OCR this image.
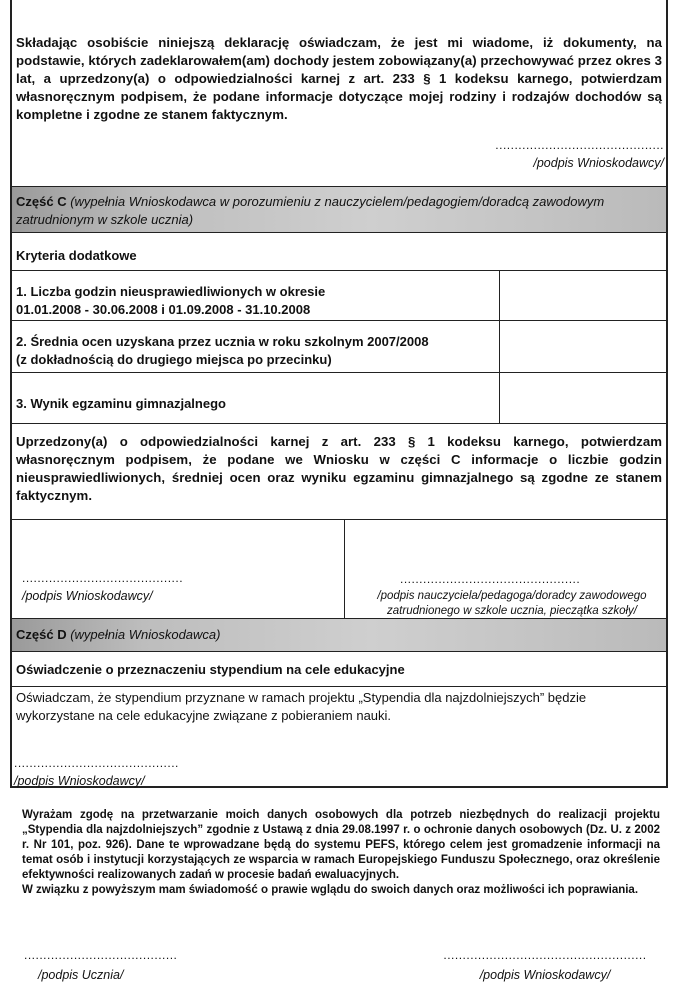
Składając osobiście niniejszą deklarację oświadczam, że jest mi wiadome, iż dokumenty, na podstawie, których zadeklarowałem(am) dochody jestem zobowiązany(a) przechowywać przez okres 3 lat, a uprzedzony(a) o odpowiedzialności karnej z art. 233 § 1 kodeksu karnego, potwierdzam własnoręcznym podpisem, że podane informacje dotyczące mojej rodziny i rodzajów dochodów są kompletne i zgodne ze stanem faktycznym.

............................................
/podpis Wnioskodawcy/
Część C (wypełnia Wnioskodawca w porozumieniu z nauczycielem/pedagogiem/doradcą zawodowym zatrudnionym w szkole ucznia)
Kryteria dodatkowe
1. Liczba godzin nieusprawiedliwionych w okresie
01.01.2008 - 30.06.2008 i 01.09.2008 - 31.10.2008
2. Średnia ocen uzyskana przez ucznia w roku szkolnym 2007/2008
(z dokładnością do drugiego miejsca po przecinku)
3. Wynik egzaminu gimnazjalnego

Uprzedzony(a) o odpowiedzialności karnej z art. 233 § 1 kodeksu karnego, potwierdzam własnoręcznym podpisem, że podane we Wniosku w części C informacje o liczbie godzin nieusprawiedliwionych, średniej ocen oraz wyniku egzaminu gimnazjalnego są zgodne ze stanem faktycznym.

..........................................
/podpis Wnioskodawcy/
...............................................
/podpis nauczyciela/pedagoga/doradcy zawodowego
zatrudnionego w szkole ucznia, pieczątka szkoły/
Część D (wypełnia Wnioskodawca)
Oświadczenie o przeznaczeniu stypendium na cele edukacyjne

Oświadczam, że stypendium przyznane w ramach projektu „Stypendia dla najzdolniejszych” będzie wykorzystane na cele edukacyjne związane z pobieraniem nauki.

...........................................
/podpis Wnioskodawcy/

Wyrażam zgodę na przetwarzanie moich danych osobowych dla potrzeb niezbędnych do realizacji projektu „Stypendia dla najzdolniejszych” zgodnie z Ustawą z dnia 29.08.1997 r. o ochronie danych osobowych (Dz. U. z 2002 r. Nr 101, poz. 926). Dane te wprowadzane będą do systemu PEFS, którego celem jest gromadzenie informacji na temat osób i instytucji korzystających ze wsparcia w ramach Europejskiego Funduszu Społecznego, oraz określenie efektywności realizowanych zadań w procesie badań ewaluacyjnych.

W związku z powyższym mam świadomość o prawie wglądu do swoich danych oraz możliwości ich poprawiania.

........................................
/podpis Ucznia/
.....................................................
/podpis Wnioskodawcy/
